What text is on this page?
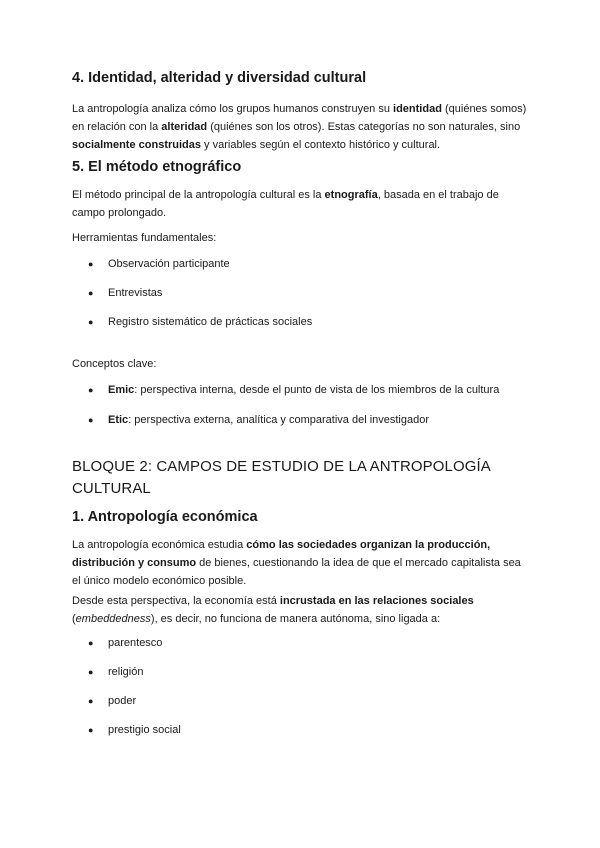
4. Identidad, alteridad y diversidad cultural

La antropología analiza cómo los grupos humanos construyen su identidad (quiénes somos) en relación con la alteridad (quiénes son los otros). Estas categorías no son naturales, sino socialmente construidas y variables según el contexto histórico y cultural.

5. El método etnográfico

El método principal de la antropología cultural es la etnografía, basada en el trabajo de campo prolongado.

Herramientas fundamentales:

● Observación participante
● Entrevistas
● Registro sistemático de prácticas sociales

Conceptos clave:

● Emic: perspectiva interna, desde el punto de vista de los miembros de la cultura
● Etic: perspectiva externa, analítica y comparativa del investigador
BLOQUE 2: CAMPOS DE ESTUDIO DE LA ANTROPOLOGÍA CULTURAL
1. Antropología económica

La antropología económica estudia cómo las sociedades organizan la producción, distribución y consumo de bienes, cuestionando la idea de que el mercado capitalista sea el único modelo económico posible.

Desde esta perspectiva, la economía está incrustada en las relaciones sociales (embeddedness), es decir, no funciona de manera autónoma, sino ligada a:

● parentesco
● religión
● poder
● prestigio social
